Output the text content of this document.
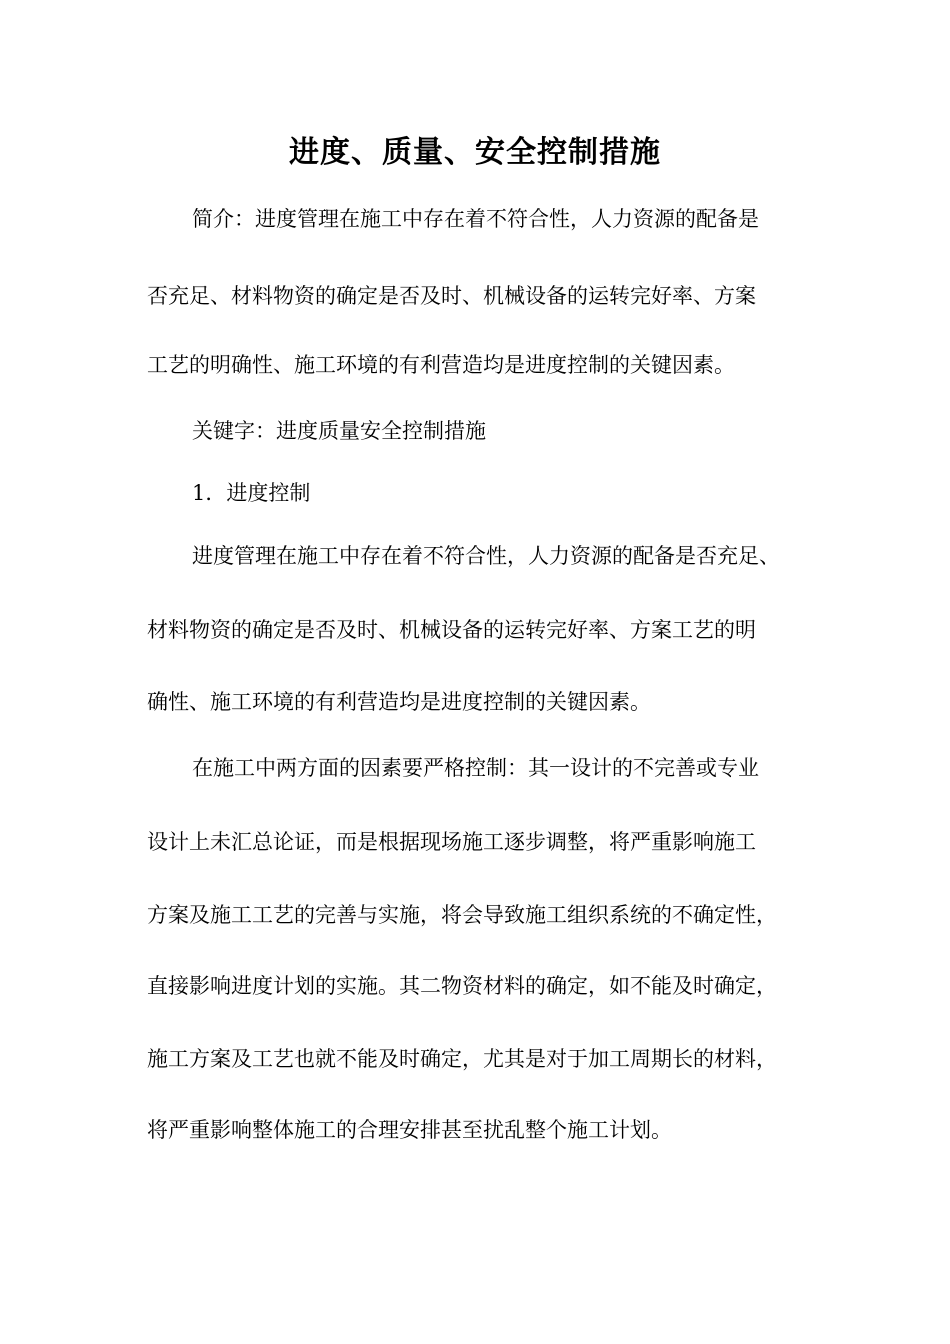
进度、质量、安全控制措施
简介：进度管理在施工中存在着不符合性，人力资源的配备是
否充足、材料物资的确定是否及时、机械设备的运转完好率、方案
工艺的明确性、施工环境的有利营造均是进度控制的关键因素。
关键字：进度质量安全控制措施
1．进度控制
进度管理在施工中存在着不符合性，人力资源的配备是否充足、
材料物资的确定是否及时、机械设备的运转完好率、方案工艺的明
确性、施工环境的有利营造均是进度控制的关键因素。
在施工中两方面的因素要严格控制：其一设计的不完善或专业
设计上未汇总论证，而是根据现场施工逐步调整，将严重影响施工
方案及施工工艺的完善与实施，将会导致施工组织系统的不确定性，
直接影响进度计划的实施。其二物资材料的确定，如不能及时确定，
施工方案及工艺也就不能及时确定，尤其是对于加工周期长的材料，
将严重影响整体施工的合理安排甚至扰乱整个施工计划。
